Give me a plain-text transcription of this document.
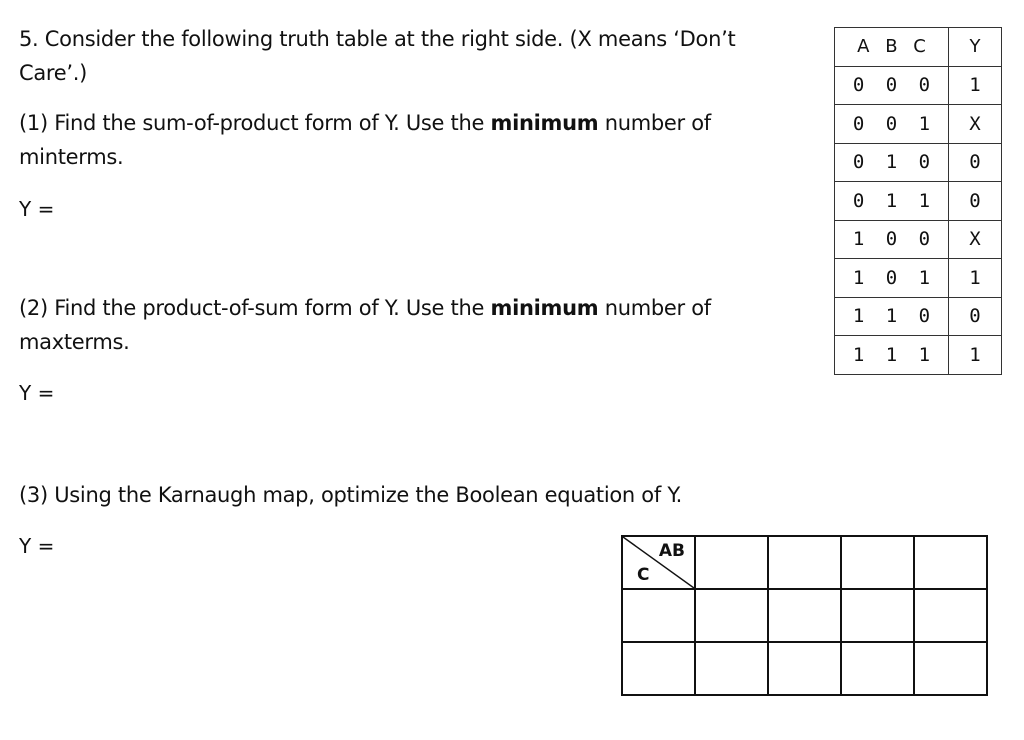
5. Consider the following truth table at the right side. (X means ‘Don’t
Care’.)
(1) Find the sum-of-product form of Y. Use the minimum number of
minterms.
Y =
(2) Find the product-of-sum form of Y. Use the minimum number of
maxterms.
Y =
(3) Using the Karnaugh map, optimize the Boolean equation of Y.
Y =
A B C	Y
0 0 0	1
0 0 1	X
0 1 0	0
0 1 1	0
1 0 0	X
1 0 1	1
1 1 0	0
1 1 1	1
AB
C				
